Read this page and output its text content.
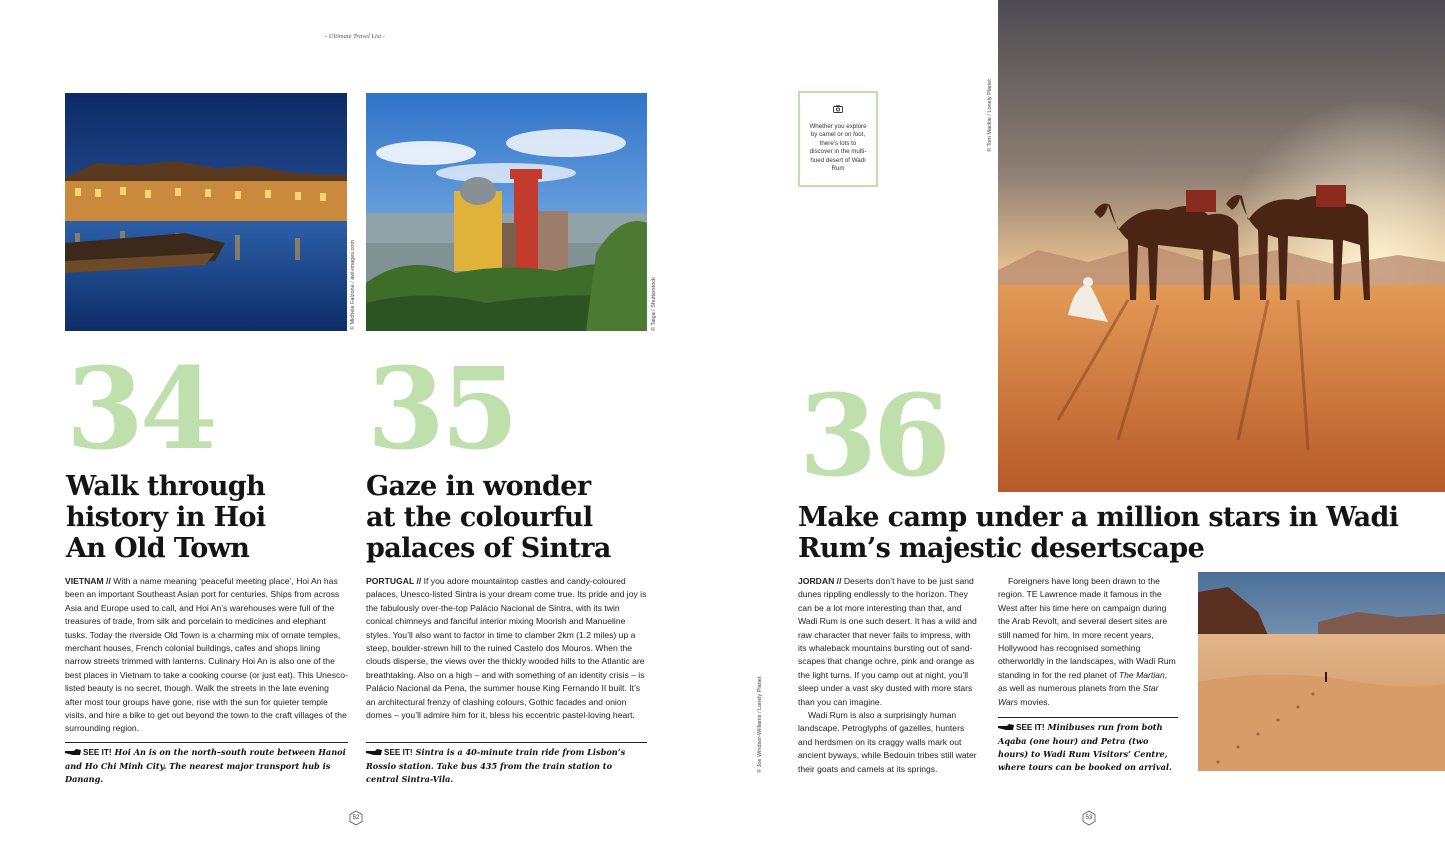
- Ultimate Travel List -
© Michele Falzone / awl-images.com
34
Walk through
history in Hoi
An Old Town

VIETNAM // With a name meaning ‘peaceful meeting place’, Hoi An has been an important Southeast Asian port for centuries. Ships from across Asia and Europe used to call, and Hoi An’s warehouses were full of the treasures of trade, from silk and porcelain to medicines and elephant tusks. Today the riverside Old Town is a charming mix of ornate temples, merchant houses, French colonial buildings, cafes and shops lining narrow streets trimmed with lanterns. Culinary Hoi An is also one of the best places in Vietnam to take a cooking course (or just eat). This Unesco-listed beauty is no secret, though. Walk the streets in the late evening after most tour groups have gone, rise with the sun for quieter temple visits, and hire a bike to get out beyond the town to the craft villages of the surrounding region.

SEE IT! Hoi An is on the north–south route between Hanoi and Ho Chi Minh City. The nearest major transport hub is Danang.

© Taiga / Shutterstock
35
Gaze in wonder
at the colourful
palaces of Sintra

PORTUGAL // If you adore mountaintop castles and candy-coloured palaces, Unesco-listed Sintra is your dream come true. Its pride and joy is the fabulously over-the-top Palácio Nacional de Sintra, with its twin conical chimneys and fanciful interior mixing Moorish and Manueline styles. You’ll also want to factor in time to clamber 2km (1.2 miles) up a steep, boulder-strewn hill to the ruined Castelo dos Mouros. When the clouds disperse, the views over the thickly wooded hills to the Atlantic are breathtaking. Also on a high – and with something of an identity crisis – is Palácio Nacional da Pena, the summer house King Fernando II built. It’s an architectural frenzy of clashing colours, Gothic facades and onion domes – you’ll admire him for it, bless his eccentric pastel-loving heart.

SEE IT! Sintra is a 40-minute train ride from Lisbon’s Rossio station. Take bus 435 from the train station to central Sintra-Vila.

52

Whether you explore by camel or on foot, there’s lots to discover in the multi-hued desert of Wadi Rum

© Tom Mackie / Lonely Planet
36
Make camp under a million stars in Wadi
Rum’s majestic desertscape

JORDAN // Deserts don’t have to be just sand dunes rippling endlessly to the horizon. They can be a lot more interesting than that, and Wadi Rum is one such desert. It has a wild and raw character that never fails to impress, with its whaleback mountains bursting out of sand-scapes that change ochre, pink and orange as the light turns. If you camp out at night, you’ll sleep under a vast sky dusted with more stars than you can imagine.

Wadi Rum is also a surprisingly human landscape. Petroglyphs of gazelles, hunters and herdsmen on its craggy walls mark out ancient byways, while Bedouin tribes still water their goats and camels at its springs.

Foreigners have long been drawn to the region. TE Lawrence made it famous in the West after his time here on campaign during the Arab Revolt, and several desert sites are still named for him. In more recent years, Hollywood has recognised something otherworldly in the landscapes, with Wadi Rum standing in for the red planet of The Martian, as well as numerous planets from the Star Wars movies.

SEE IT! Minibuses run from both Aqaba (one hour) and Petra (two hours) to Wadi Rum Visitors’ Centre, where tours can be booked on arrival.

© Joe Windsor-Williams / Lonely Planet
53
